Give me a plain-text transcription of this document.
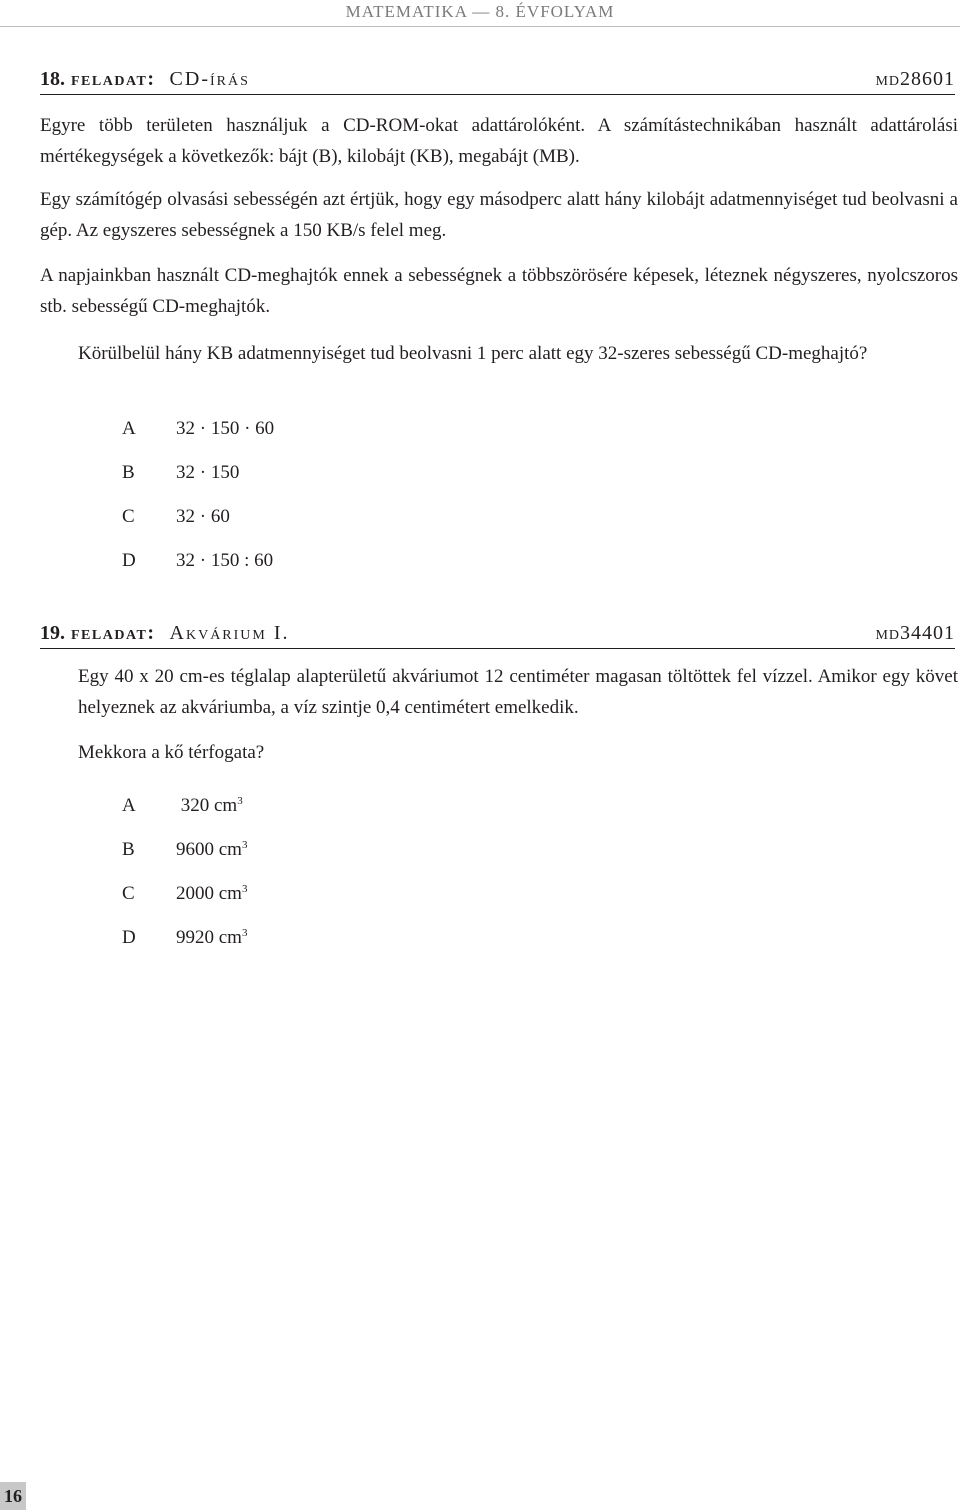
MATEMATIKA — 8. ÉVFOLYAM
18. feladat: CD-írás	md28601

Egyre több területen használjuk a CD-ROM-okat adattárolóként. A számítástechnikában használt adattárolási mértékegységek a következők: bájt (B), kilobájt (KB), megabájt (MB).

Egy számítógép olvasási sebességén azt értjük, hogy egy másodperc alatt hány kilobájt adatmennyiséget tud beolvasni a gép. Az egyszeres sebességnek a 150 KB/s felel meg.

A napjainkban használt CD-meghajtók ennek a sebességnek a többszörösére képesek, léteznek négyszeres, nyolcszoros stb. sebességű CD-meghajtók.

Körülbelül hány KB adatmennyiséget tud beolvasni 1 perc alatt egy 32-szeres sebességű CD-meghajtó?

A 32 · 150 · 60
B 32 · 150
C 32 · 60
D 32 · 150 : 60
19. feladat: Akvárium I.	md34401

Egy 40 x 20 cm-es téglalap alapterületű akváriumot 12 centiméter magasan töltöttek fel vízzel. Amikor egy követ helyeznek az akváriumba, a víz szintje 0,4 centimétert emelkedik.

Mekkora a kő térfogata?

A 320 $cm^3$
B 9600 $cm^3$
C 2000 $cm^3$
D 9920 $cm^3$
16
